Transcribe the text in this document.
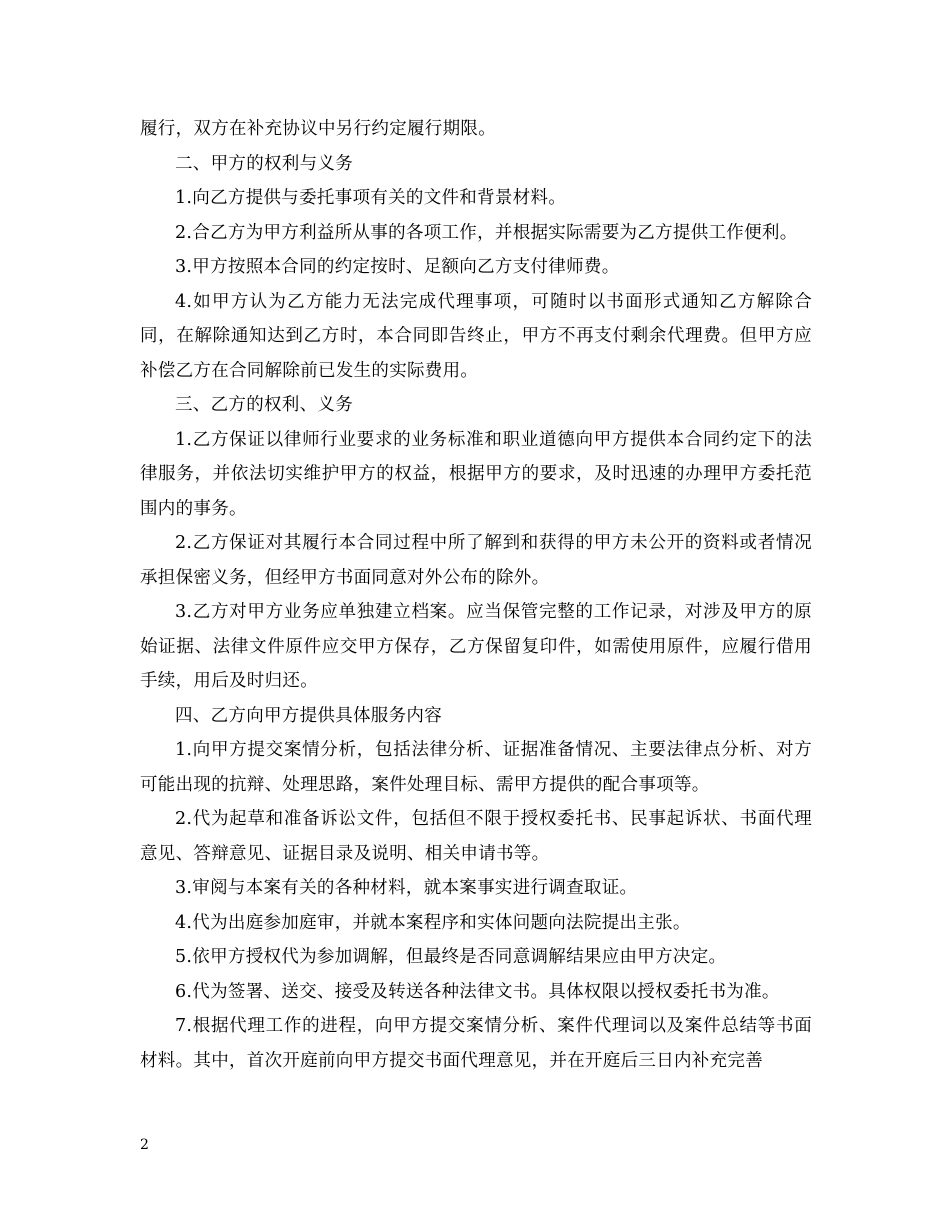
履行，双方在补充协议中另行约定履行期限。

二、甲方的权利与义务

1.向乙方提供与委托事项有关的文件和背景材料。

2.合乙方为甲方利益所从事的各项工作，并根据实际需要为乙方提供工作便利。

3.甲方按照本合同的约定按时、足额向乙方支付律师费。

4.如甲方认为乙方能力无法完成代理事项，可随时以书面形式通知乙方解除合同，在解除通知达到乙方时，本合同即告终止，甲方不再支付剩余代理费。但甲方应补偿乙方在合同解除前已发生的实际费用。

三、乙方的权利、义务

1.乙方保证以律师行业要求的业务标准和职业道德向甲方提供本合同约定下的法律服务，并依法切实维护甲方的权益，根据甲方的要求，及时迅速的办理甲方委托范围内的事务。

2.乙方保证对其履行本合同过程中所了解到和获得的甲方未公开的资料或者情况承担保密义务，但经甲方书面同意对外公布的除外。

3.乙方对甲方业务应单独建立档案。应当保管完整的工作记录，对涉及甲方的原始证据、法律文件原件应交甲方保存，乙方保留复印件，如需使用原件，应履行借用手续，用后及时归还。

四、乙方向甲方提供具体服务内容

1.向甲方提交案情分析，包括法律分析、证据准备情况、主要法律点分析、对方可能出现的抗辩、处理思路，案件处理目标、需甲方提供的配合事项等。

2.代为起草和准备诉讼文件，包括但不限于授权委托书、民事起诉状、书面代理意见、答辩意见、证据目录及说明、相关申请书等。

3.审阅与本案有关的各种材料，就本案事实进行调查取证。

4.代为出庭参加庭审，并就本案程序和实体问题向法院提出主张。

5.依甲方授权代为参加调解，但最终是否同意调解结果应由甲方决定。

6.代为签署、送交、接受及转送各种法律文书。具体权限以授权委托书为准。

7.根据代理工作的进程，向甲方提交案情分析、案件代理词以及案件总结等书面材料。其中，首次开庭前向甲方提交书面代理意见，并在开庭后三日内补充完善

2
